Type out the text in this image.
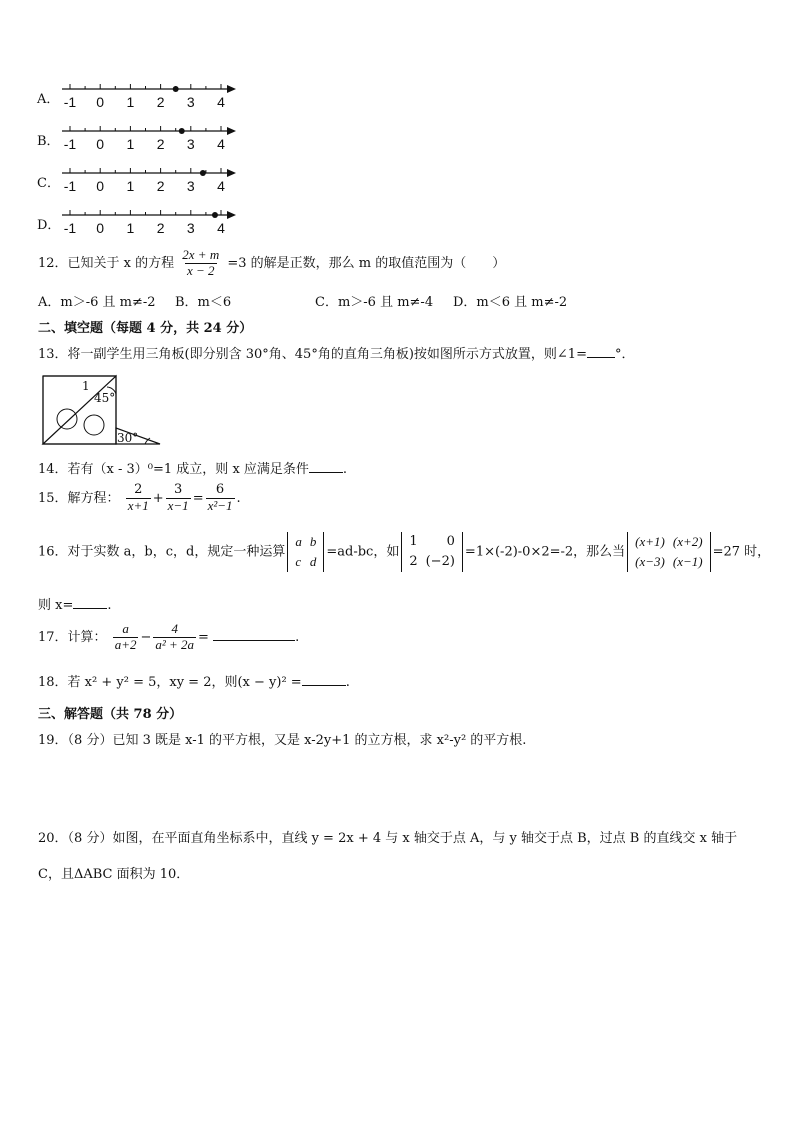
A． -1 0 1 2 3 4
B． -1 0 1 2 3 4
C． -1 0 1 2 3 4
D． -1 0 1 2 3 4
12．已知关于 x 的方程 $\frac{2x + m}{x - 2} =3$ 的解是正数，那么 m 的取值范围为（　　）
A．m＞-6 且 m≠-2 B．m＜6	C．m＞-6 且 m≠-4 D．m＜6 且 m≠-2
二、填空题（每题 4 分，共 24 分）
13．将一副学生用三角板(即分别含 30°角、45°角的直角三角板)按如图所示方式放置，则∠1= °．
1
45°
30°
14．若有（x - 3）⁰=1 成立，则 x 应满足条件	.
15．解方程： $\frac{2}{x+1} + \frac{3}{x-1} = \frac{6}{\text{x²−1}}$ .
16．对于实数 a，b，c，d，规定一种运算
a	b
c	d
=ad-bc，如
1	0
2	(−2)
=1×(-2)-0×2=-2，那么当
(x+1)	(x+2)
(x−3)	(x−1)
=27 时，
则 x=	.
17．计算： $\frac{a}{a+2} - \frac{4}{\text{a² + 2a}}$ =	.
18．若 x² + y² = 5，xy = 2，则(x − y)² =	.
三、解答题（共 78 分）
19．（8 分）已知 3 既是 x-1 的平方根，又是 x-2y+1 的立方根，求 x²-y² 的平方根.
20．（8 分）如图，在平面直角坐标系中，直线 y = 2x + 4 与 x 轴交于点 A，与 y 轴交于点 B，过点 B 的直线交 x 轴于
C，且ΔABC 面积为 10．
